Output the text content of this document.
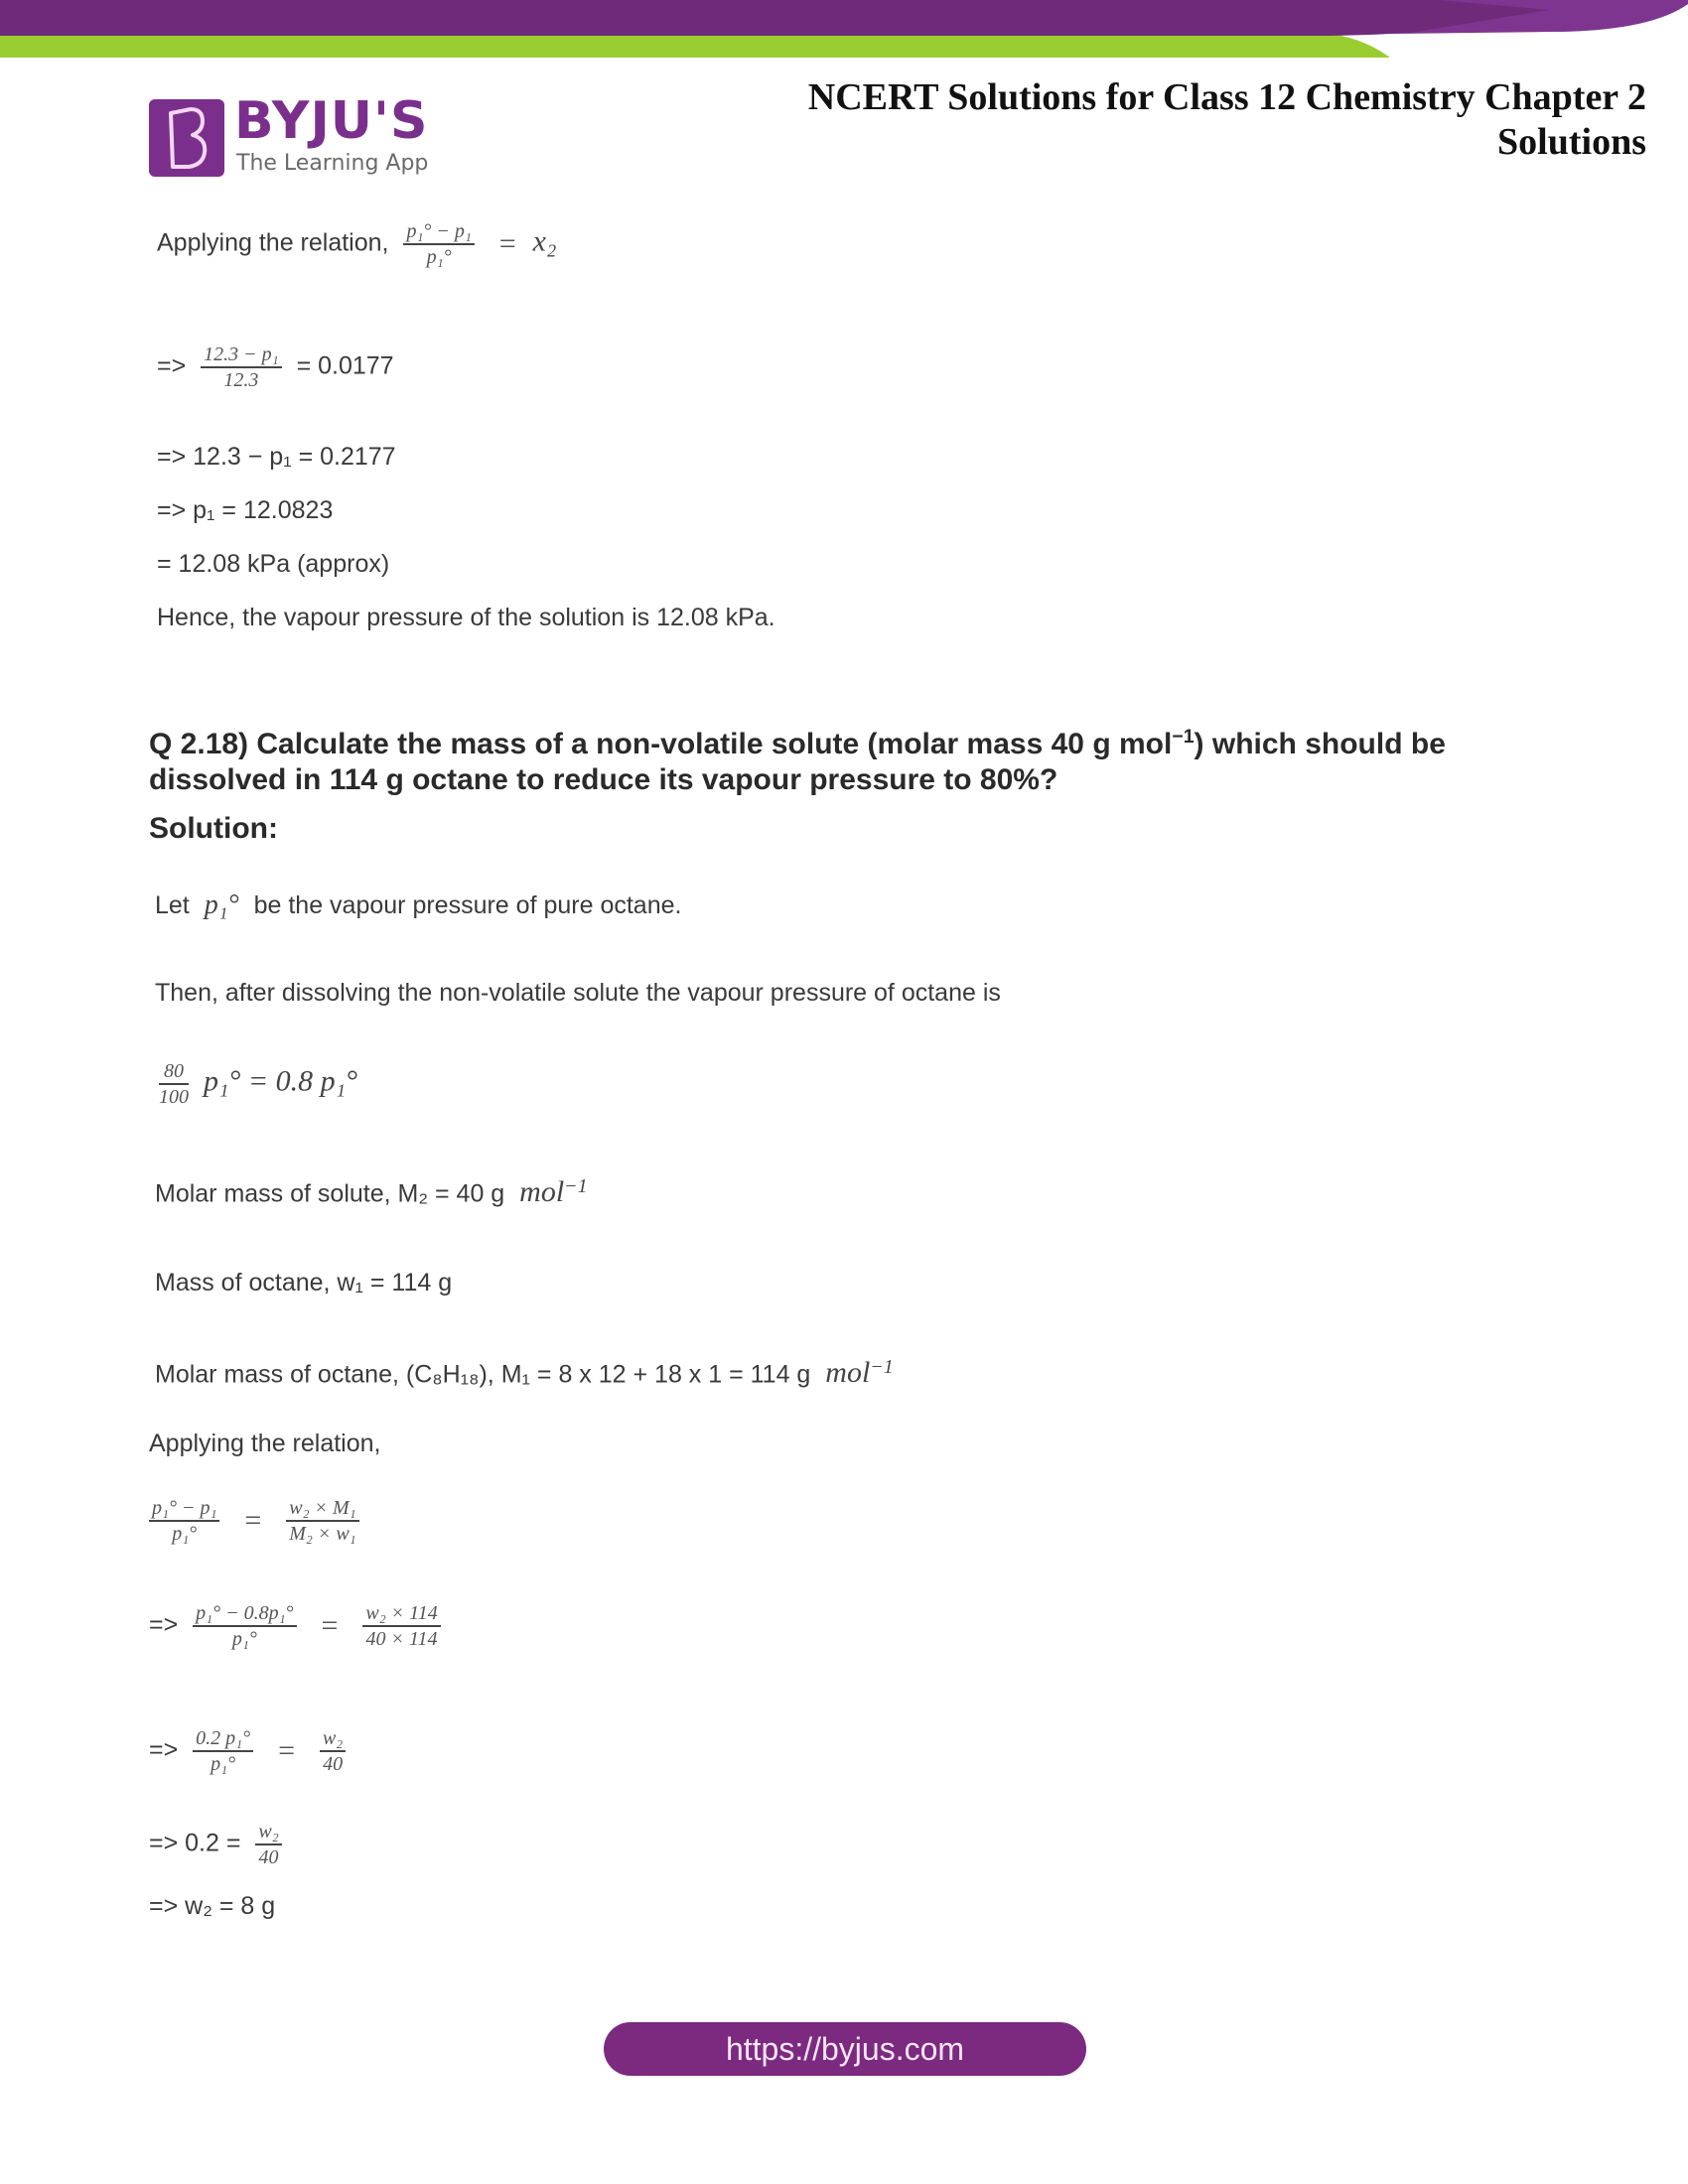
BYJU'S
The Learning App
NCERT Solutions for Class 12 Chemistry Chapter 2
Solutions
Applying the relation, $\frac{\text{p₁° − p₁}}{\text{p₁°}} = x_2$
=> $\frac{\text{12.3 − p₁}}{12.3} = 0.0177$
=> 12.3 − p₁ = 0.2177
=> p₁ = 12.0823
= 12.08 kPa (approx)
Hence, the vapour pressure of the solution is 12.08 kPa.
Q 2.18) Calculate the mass of a non-volatile solute (molar mass 40 g mol$^{-1}$) which should be dissolved in 114 g octane to reduce its vapour pressure to 80%?
Solution:
Let p₁° be the vapour pressure of pure octane.
Then, after dissolving the non-volatile solute the vapour pressure of octane is
$\frac{80}{100} p_1^\circ = 0.8$ p₁°
Molar mass of solute, M₂ = 40 g mol$^{-1}$
Mass of octane, w₁ = 114 g
Molar mass of octane, (C₈H₁₈), M₁ = 8 x 12 + 18 x 1 = 114 g mol$^{-1}$
Applying the relation,
$\frac{\text{p₁° − p₁}}{\text{p₁°}} = \frac{\text{w₂ × M₁}}{\text{M₂ × w₁}}$
=> $\frac{\text{p₁° − 0.8p₁°}}{\text{p₁°}} = \frac{\text{w₂ × 114}}{40 \times 114}$
=> $\frac{\text{0.2 p₁°}}{\text{p₁°}} = \frac{\text{w₂}}{40}$
=> $0.2 = \frac{\text{w₂}}{40}$
=> w₂ = 8 g
https://byjus.com
